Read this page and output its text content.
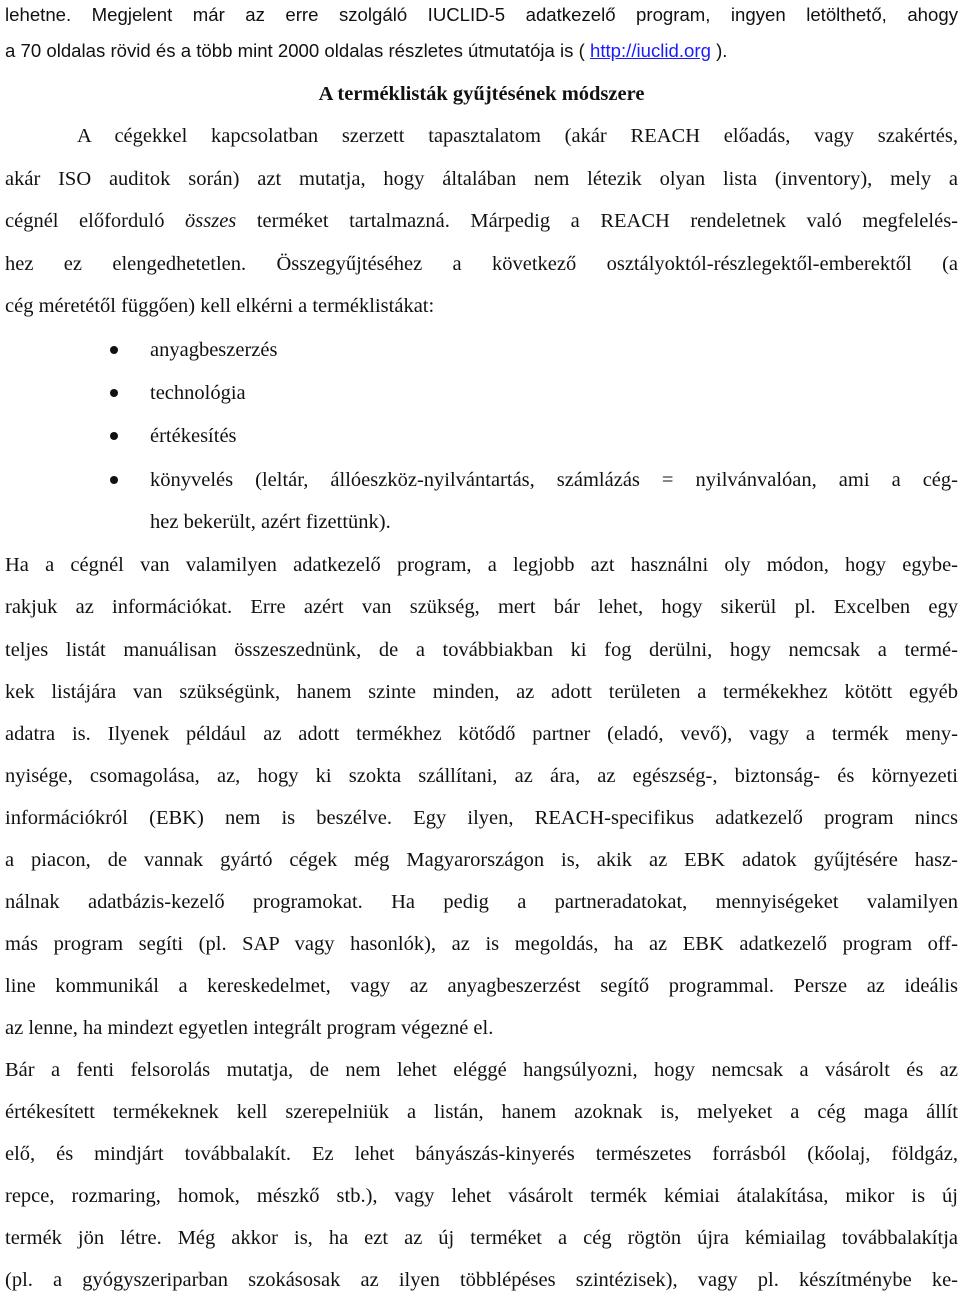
lehetne. Megjelent már az erre szolgáló IUCLID-5 adatkezelő program, ingyen letölthető, ahogy
a 70 oldalas rövid és a több mint 2000 oldalas részletes útmutatója is ( http://iuclid.org ).
A terméklisták gyűjtésének módszere
A cégekkel kapcsolatban szerzett tapasztalatom (akár REACH előadás, vagy szakértés,
akár ISO auditok során) azt mutatja, hogy általában nem létezik olyan lista (inventory), mely a
cégnél előforduló összes terméket tartalmazná. Márpedig a REACH rendeletnek való megfelelés-
hez ez elengedhetetlen. Összegyűjtéséhez a következő osztályoktól-részlegektől-emberektől (a
cég méretétől függően) kell elkérni a terméklistákat:
anyagbeszerzés
technológia
értékesítés
könyvelés (leltár, állóeszköz-nyilvántartás, számlázás = nyilvánvalóan, ami a cég-
hez bekerült, azért fizettünk).
Ha a cégnél van valamilyen adatkezelő program, a legjobb azt használni oly módon, hogy egybe-
rakjuk az információkat. Erre azért van szükség, mert bár lehet, hogy sikerül pl. Excelben egy
teljes listát manuálisan összeszednünk, de a továbbiakban ki fog derülni, hogy nemcsak a termé-
kek listájára van szükségünk, hanem szinte minden, az adott területen a termékekhez kötött egyéb
adatra is. Ilyenek például az adott termékhez kötődő partner (eladó, vevő), vagy a termék meny-
nyisége, csomagolása, az, hogy ki szokta szállítani, az ára, az egészség-, biztonság- és környezeti
információkról (EBK) nem is beszélve. Egy ilyen, REACH-specifikus adatkezelő program nincs
a piacon, de vannak gyártó cégek még Magyarországon is, akik az EBK adatok gyűjtésére hasz-
nálnak adatbázis-kezelő programokat. Ha pedig a partneradatokat, mennyiségeket valamilyen
más program segíti (pl. SAP vagy hasonlók), az is megoldás, ha az EBK adatkezelő program off-
line kommunikál a kereskedelmet, vagy az anyagbeszerzést segítő programmal. Persze az ideális
az lenne, ha mindezt egyetlen integrált program végezné el.
Bár a fenti felsorolás mutatja, de nem lehet eléggé hangsúlyozni, hogy nemcsak a vásárolt és az
értékesített termékeknek kell szerepelniük a listán, hanem azoknak is, melyeket a cég maga állít
elő, és mindjárt továbbalakít. Ez lehet bányászás-kinyerés természetes forrásból (kőolaj, földgáz,
repce, rozmaring, homok, mészkő stb.), vagy lehet vásárolt termék kémiai átalakítása, mikor is új
termék jön létre. Még akkor is, ha ezt az új terméket a cég rögtön újra kémiailag továbbalakítja
(pl. a gyógyszeriparban szokásosak az ilyen többlépéses szintézisek), vagy pl. készítménybe ke-
